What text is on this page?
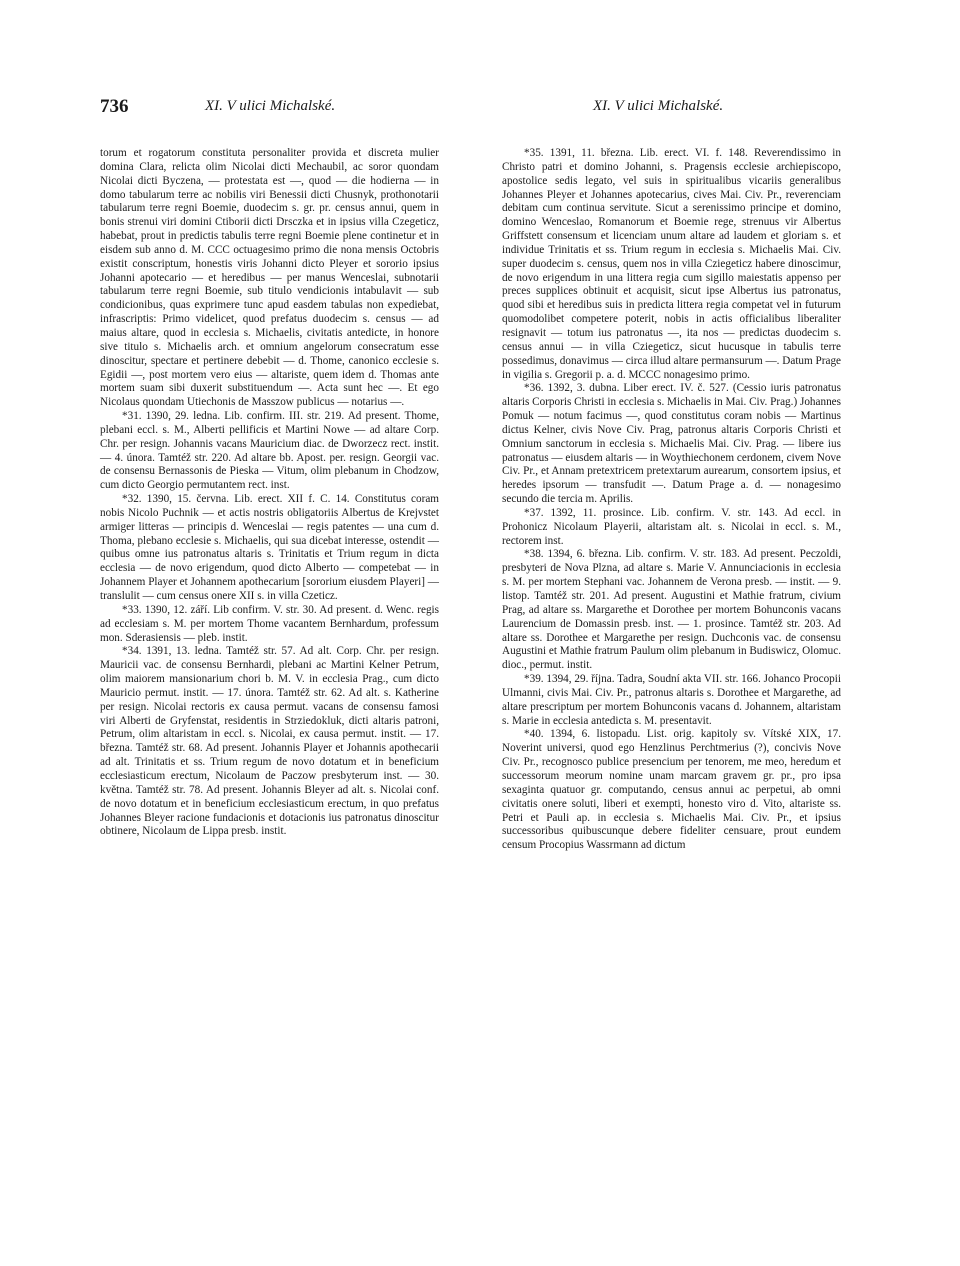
736	XI. V ulici Michalské.	XI. V ulici Michalské.

torum et rogatorum constituta personaliter provida et discreta mulier domina Clara, relicta olim Nicolai dicti Mechaubil, ac soror quondam Nicolai dicti Byczena, — protestata est —, quod — die hodierna — in domo tabularum terre ac nobilis viri Benessii dicti Chusnyk, prothonotarii tabularum terre regni Boemie, duodecim s. gr. pr. census annui, quem in bonis strenui viri domini Ctiborii dicti Drsczka et in ipsius villa Czegeticz, habebat, prout in predictis tabulis terre regni Boemie plene continetur et in eisdem sub anno d. M. CCC octuagesimo primo die nona mensis Octobris existit conscriptum, honestis viris Johanni dicto Pleyer et sororio ipsius Johanni apotecario — et heredibus — per manus Wenceslai, subnotarii tabularum terre regni Boemie, sub titulo vendicionis intabulavit — sub condicionibus, quas exprimere tunc apud easdem tabulas non expediebat, infrascriptis: Primo videlicet, quod prefatus duodecim s. census — ad maius altare, quod in ecclesia s. Michaelis, civitatis antedicte, in honore sive titulo s. Michaelis arch. et omnium angelorum consecratum esse dinoscitur, spectare et pertinere debebit — d. Thome, canonico ecclesie s. Egidii —, post mortem vero eius — altariste, quem idem d. Thomas ante mortem suam sibi duxerit substituendum —. Acta sunt hec —. Et ego Nicolaus quondam Utiechonis de Masszow publicus — notarius —.

*31. 1390, 29. ledna. Lib. confirm. III. str. 219. Ad present. Thome, plebani eccl. s. M., Alberti pellificis et Martini Nowe — ad altare Corp. Chr. per resign. Johannis vacans Mauricium diac. de Dworzecz rect. instit. — 4. února. Tamtéž str. 220. Ad altare bb. Apost. per. resign. Georgii vac. de consensu Bernassonis de Pieska — Vitum, olim plebanum in Chodzow, cum dicto Georgio permutantem rect. inst.

*32. 1390, 15. června. Lib. erect. XII f. C. 14. Constitutus coram nobis Nicolo Puchnik — et actis nostris obligatoriis Albertus de Krejvstet armiger litteras — principis d. Wenceslai — regis patentes — una cum d. Thoma, plebano ecclesie s. Michaelis, qui sua dicebat interesse, ostendit — quibus omne ius patronatus altaris s. Trinitatis et Trium regum in dicta ecclesia — de novo erigendum, quod dicto Alberto — competebat — in Johannem Player et Johannem apothecarium [sororium eiusdem Playeri] — translulit — cum census onere XII s. in villa Czeticz.

*33. 1390, 12. září. Lib confirm. V. str. 30. Ad present. d. Wenc. regis ad ecclesiam s. M. per mortem Thome vacantem Bernhardum, professum mon. Sderasiensis — pleb. instit.

*34. 1391, 13. ledna. Tamtéž str. 57. Ad alt. Corp. Chr. per resign. Mauricii vac. de consensu Bernhardi, plebani ac Martini Kelner Petrum, olim maiorem mansionarium chori b. M. V. in ecclesia Prag., cum dicto Mauricio permut. instit. — 17. února. Tamtéž str. 62. Ad alt. s. Katherine per resign. Nicolai rectoris ex causa permut. vacans de consensu famosi viri Alberti de Gryfenstat, residentis in Strziedokluk, dicti altaris patroni, Petrum, olim altaristam in eccl. s. Nicolai, ex causa permut. instit. — 17. března. Tamtéž str. 68. Ad present. Johannis Player et Johannis apothecarii ad alt. Trinitatis et ss. Trium regum de novo dotatum et in beneficium ecclesiasticum erectum, Nicolaum de Paczow presbyterum inst. — 30. května. Tamtéž str. 78. Ad present. Johannis Bleyer ad alt. s. Nicolai conf. de novo dotatum et in beneficium ecclesiasticum erectum, in quo prefatus Johannes Bleyer racione fundacionis et dotacionis ius patronatus dinoscitur obtinere, Nicolaum de Lippa presb. instit.

*35. 1391, 11. března. Lib. erect. VI. f. 148. Reverendissimo in Christo patri et domino Johanni, s. Pragensis ecclesie archiepiscopo, apostolice sedis legato, vel suis in spiritualibus vicariis generalibus Johannes Pleyer et Johannes apotecarius, cives Mai. Civ. Pr., reverenciam debitam cum continua servitute. Sicut a serenissimo principe et domino, domino Wenceslao, Romanorum et Boemie rege, strenuus vir Albertus Griffstett consensum et licenciam unum altare ad laudem et gloriam s. et individue Trinitatis et ss. Trium regum in ecclesia s. Michaelis Mai. Civ. super duodecim s. census, quem nos in villa Cziegeticz habere dinoscimur, de novo erigendum in una littera regia cum sigillo maiestatis appenso per preces supplices obtinuit et acquisit, sicut ipse Albertus ius patronatus, quod sibi et heredibus suis in predicta littera regia competat vel in futurum quomodolibet competere poterit, nobis in actis officialibus liberaliter resignavit — totum ius patronatus —, ita nos — predictas duodecim s. census annui — in villa Cziegeticz, sicut hucusque in tabulis terre possedimus, donavimus — circa illud altare permansurum —. Datum Prage in vigilia s. Gregorii p. a. d. MCCC nonagesimo primo.

*36. 1392, 3. dubna. Liber erect. IV. č. 527. (Cessio iuris patronatus altaris Corporis Christi in ecclesia s. Michaelis in Mai. Civ. Prag.) Johannes Pomuk — notum facimus —, quod constitutus coram nobis — Martinus dictus Kelner, civis Nove Civ. Prag, patronus altaris Corporis Christi et Omnium sanctorum in ecclesia s. Michaelis Mai. Civ. Prag. — libere ius patronatus — eiusdem altaris — in Woythiechonem cerdonem, civem Nove Civ. Pr., et Annam pretextricem pretextarum aurearum, consortem ipsius, et heredes ipsorum — transfudit —. Datum Prage a. d. — nonagesimo secundo die tercia m. Aprilis.

*37. 1392, 11. prosince. Lib. confirm. V. str. 143. Ad eccl. in Prohonicz Nicolaum Playerii, altaristam alt. s. Nicolai in eccl. s. M., rectorem inst.

*38. 1394, 6. března. Lib. confirm. V. str. 183. Ad present. Peczoldi, presbyteri de Nova Plzna, ad altare s. Marie V. Annunciacionis in ecclesia s. M. per mortem Stephani vac. Johannem de Verona presb. — instit. — 9. listop. Tamtéž str. 201. Ad present. Augustini et Mathie fratrum, civium Prag, ad altare ss. Margarethe et Dorothee per mortem Bohunconis vacans Laurencium de Domassin presb. inst. — 1. prosince. Tamtéž str. 203. Ad altare ss. Dorothee et Margarethe per resign. Duchconis vac. de consensu Augustini et Mathie fratrum Paulum olim plebanum in Budiswicz, Olomuc. dioc., permut. instit.

*39. 1394, 29. října. Tadra, Soudní akta VII. str. 166. Johanco Procopii Ulmanni, civis Mai. Civ. Pr., patronus altaris s. Dorothee et Margarethe, ad altare prescriptum per mortem Bohunconis vacans d. Johannem, altaristam s. Marie in ecclesia antedicta s. M. presentavit.

*40. 1394, 6. listopadu. List. orig. kapitoly sv. Vítské XIX, 17. Noverint universi, quod ego Henzlinus Perchtmerius (?), concivis Nove Civ. Pr., recognosco publice presencium per tenorem, me meo, heredum et successorum meorum nomine unam marcam gravem gr. pr., pro ipsa sexaginta quatuor gr. computando, census annui ac perpetui, ab omni civitatis onere soluti, liberi et exempti, honesto viro d. Vito, altariste ss. Petri et Pauli ap. in ecclesia s. Michaelis Mai. Civ. Pr., et ipsius successoribus quibuscunque debere fideliter censuare, prout eundem censum Procopius Wassrmann ad dictum
